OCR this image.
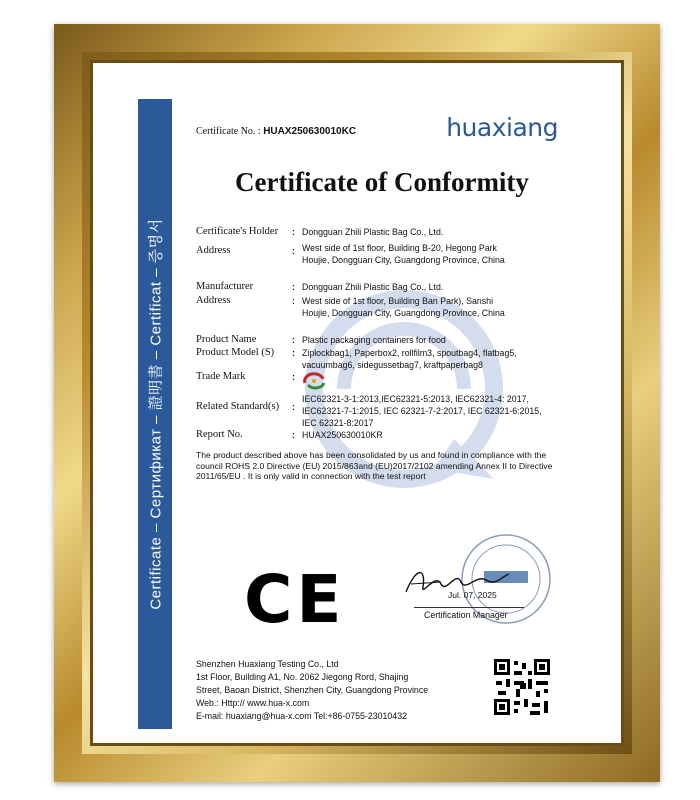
Certificate – Сертификат – 證明書 – Certificat – 증명서
Certificate No. : HUAX250630010KC	huaxiang
Certificate of Conformity
Certificate's Holder	: Dongguan Zhili Plastic Bag Co., Ltd.
Address	: West side of 1st floor, Building B-20, Hegong Park
Houjie, Dongguan City, Guangdong Province, China
Manufacturer	: Dongguan Zhili Plastic Bag Co., Ltd.
Address	: West side of 1st floor, Building Ban Park), Sanshi
Houjie, Dongguan City, Guangdong Province, China
Product Name	: Plastic packaging containers for food
Product Model (S)	: Ziplockbag1, Paperbox2, rollfilm3, spoutbag4, flatbag5,
vacuumbag6, sidegussetbag7, kraftpaperbag8
Trade Mark	:
Related Standard(s)	:
IEC62321-3-1:2013,IEC62321-5:2013, IEC62321-4: 2017,
IEC62321-7-1:2015, IEC 62321-7-2:2017, IEC 62321-6:2015,
IEC 62321-8:2017
Report No.	: HUAX250630010KR
The product described above has been consolidated by us and found in compliance with the council ROHS 2.0 Directive (EU) 2015/863and (EU)2017/2102 amending Annex II to Directive 2011/65/EU . It is only valid in connection with the test report
CE	Jul. 07, 2025
Certification Manager
Shenzhen Huaxiang Testing Co., Ltd
1st Floor, Building A1, No. 2062 Jiegong Rord, Shajing
Street, Baoan District, Shenzhen City, Guangdong Province
Web.: Http:// www.hua-x.com
E-mail: huaxiang@hua-x.com Tel:+86-0755-23010432
